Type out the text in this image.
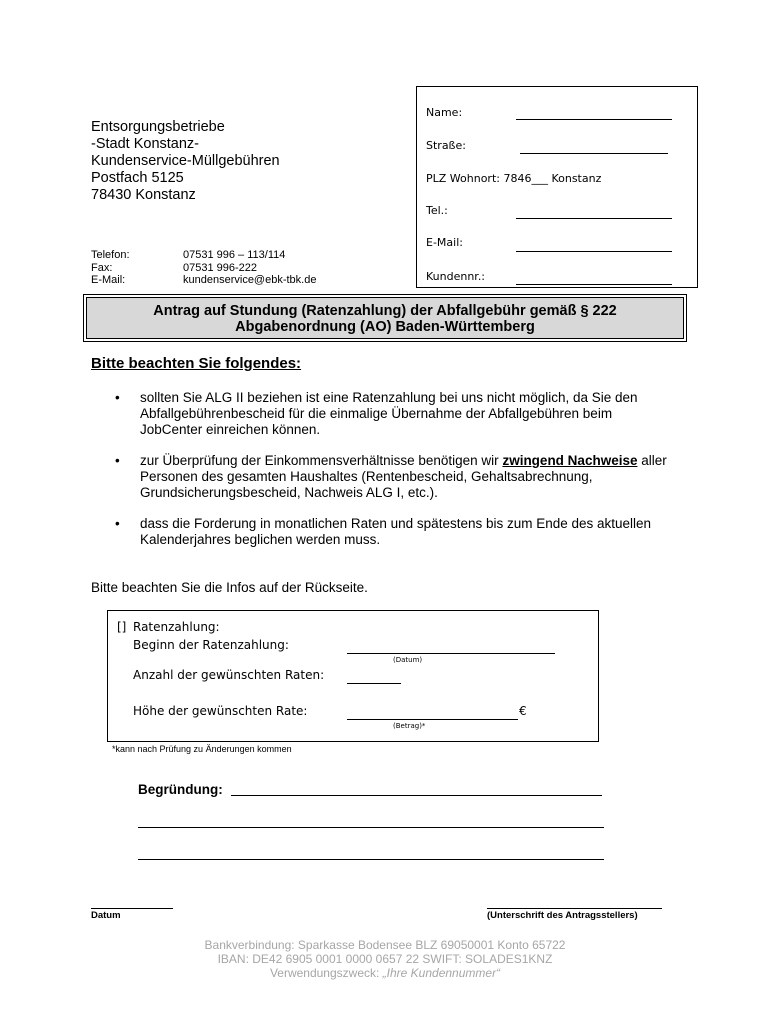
Entsorgungsbetriebe
-Stadt Konstanz-
Kundenservice-Müllgebühren
Postfach 5125
78430 Konstanz
Telefon:	07531 996 – 113/114
Fax:	07531 996-222
E-Mail:	kundenservice@ebk-tbk.de
Name:
Straße:
PLZ Wohnort: 7846___ Konstanz
Tel.:
E-Mail:
Kundennr.:
Antrag auf Stundung (Ratenzahlung) der Abfallgebühr gemäß § 222
Abgabenordnung (AO) Baden-Württemberg
Bitte beachten Sie folgendes:
• sollten Sie ALG II beziehen ist eine Ratenzahlung bei uns nicht möglich, da Sie den Abfallgebührenbescheid für die einmalige Übernahme der Abfallgebühren beim JobCenter einreichen können.
• zur Überprüfung der Einkommensverhältnisse benötigen wir zwingend Nachweise aller Personen des gesamten Haushaltes (Rentenbescheid, Gehaltsabrechnung, Grundsicherungsbescheid, Nachweis ALG I, etc.).
• dass die Forderung in monatlichen Raten und spätestens bis zum Ende des aktuellen Kalenderjahres beglichen werden muss.
Bitte beachten Sie die Infos auf der Rückseite.
[] Ratenzahlung:
Beginn der Ratenzahlung:
(Datum)
Anzahl der gewünschten Raten:
Höhe der gewünschten Rate:	€
(Betrag)*
*kann nach Prüfung zu Änderungen kommen
Begründung:
Datum	(Unterschrift des Antragsstellers)
Bankverbindung: Sparkasse Bodensee BLZ 69050001 Konto 65722
IBAN: DE42 6905 0001 0000 0657 22 SWIFT: SOLADES1KNZ
Verwendungszweck: „Ihre Kundennummer“
